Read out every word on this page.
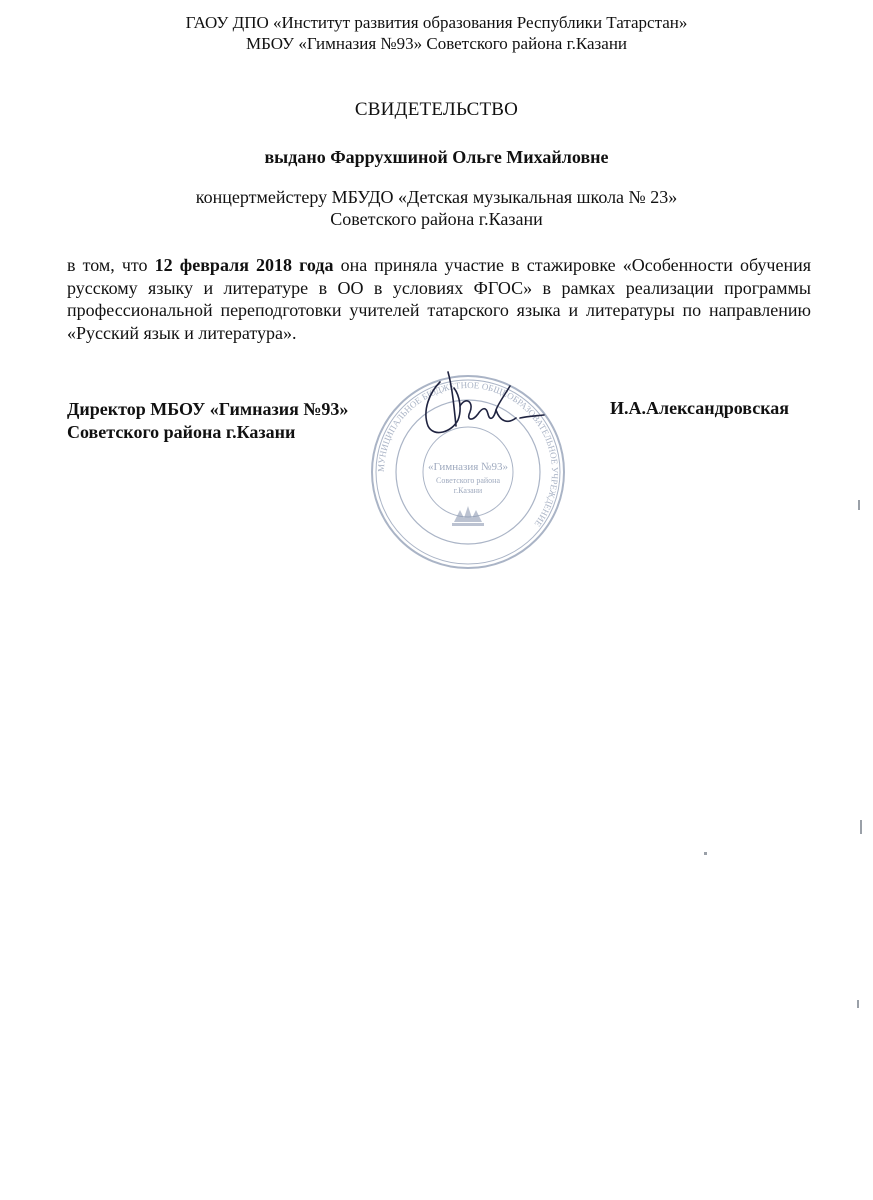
ГАОУ ДПО «Институт развития образования Республики Татарстан»
МБОУ «Гимназия №93» Советского района г.Казани
СВИДЕТЕЛЬСТВО
выдано Фаррухшиной Ольге Михайловне
концертмейстеру МБУДО «Детская музыкальная школа № 23»
Советского района г.Казани
в том, что 12 февраля 2018 года она приняла участие в стажировке «Особенности обучения русскому языку и литературе в ОО в условиях ФГОС» в рамках реализации программы профессиональной переподготовки учителей татарского языка и литературы по направлению «Русский язык и литература».
Директор МБОУ «Гимназия №93»
Советского района г.Казани
МУНИЦИПАЛЬНОЕ БЮДЖЕТНОЕ ОБЩЕОБРАЗОВАТЕЛЬНОЕ УЧРЕЖДЕНИЕ
«Гимназия №93»
Советского района
г.Казани
И.А.Александровская
